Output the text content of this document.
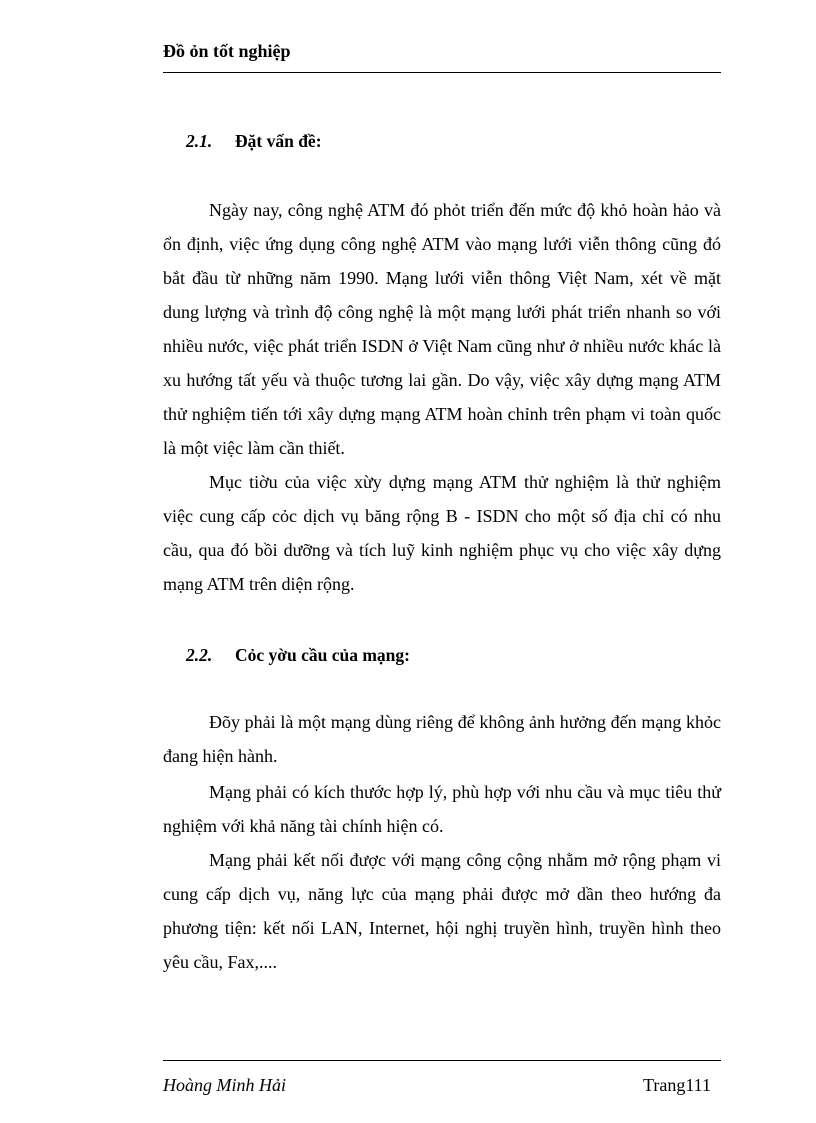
Đồ ỏn tốt nghiệp
2.1. Đặt vấn đề:

Ngày nay, công nghệ ATM đó phỏt triển đến mức độ khỏ hoàn hảo và ổn định, việc ứng dụng công nghệ ATM vào mạng lưới viễn thông cũng đó bắt đầu từ những năm 1990. Mạng lưới viễn thông Việt Nam, xét về mặt dung lượng và trình độ công nghệ là một mạng lưới phát triển nhanh so với nhiều nước, việc phát triển ISDN ở Việt Nam cũng như ở nhiều nước khác là xu hướng tất yếu và thuộc tương lai gần. Do vậy, việc xây dựng mạng ATM thử nghiệm tiến tới xây dựng mạng ATM hoàn chỉnh trên phạm vi toàn quốc là một việc làm cần thiết.

Mục tiờu của việc xừy dựng mạng ATM thử nghiệm là thử nghiệm việc cung cấp cỏc dịch vụ băng rộng B - ISDN cho một số địa chỉ có nhu cầu, qua đó bồi dưỡng và tích luỹ kinh nghiệm phục vụ cho việc xây dựng mạng ATM trên diện rộng.

2.2. Cỏc yờu cầu của mạng:

Đõy phải là một mạng dùng riêng để không ảnh hưởng đến mạng khỏc đang hiện hành.

Mạng phải có kích thước hợp lý, phù hợp với nhu cầu và mục tiêu thử nghiệm với khả năng tài chính hiện có.

Mạng phải kết nối được với mạng công cộng nhằm mở rộng phạm vi cung cấp dịch vụ, năng lực của mạng phải được mở dần theo hướng đa phương tiện: kết nối LAN, Internet, hội nghị truyền hình, truyền hình theo yêu cầu, Fax,....

Hoàng Minh Hải	Trang111
